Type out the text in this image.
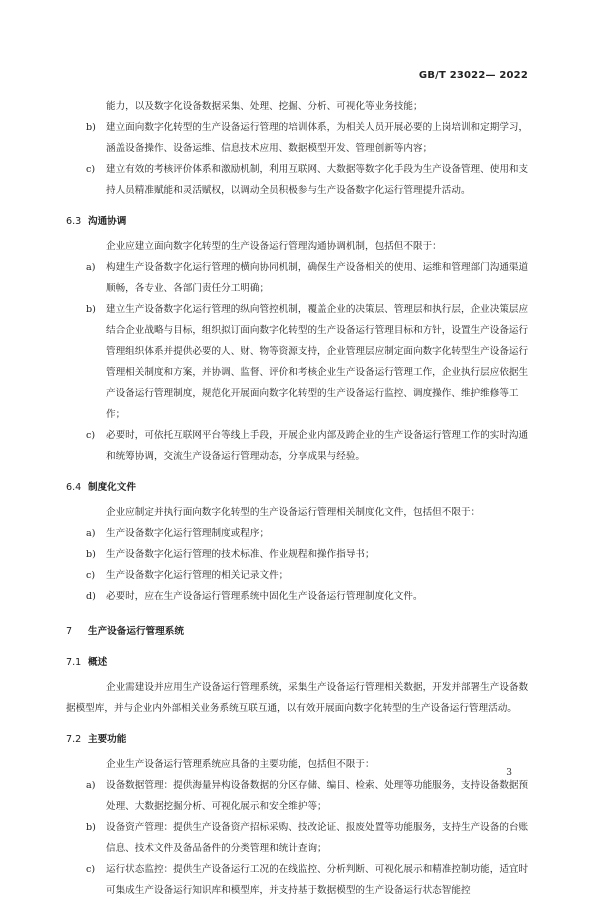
GB/T 23022— 2022

能力，以及数字化设备数据采集、处理、挖掘、分析、可视化等业务技能；

b) 建立面向数字化转型的生产设备运行管理的培训体系，为相关人员开展必要的上岗培训和定期学习，涵盖设备操作、设备运维、信息技术应用、数据模型开发、管理创新等内容；

c) 建立有效的考核评价体系和激励机制，利用互联网、大数据等数字化手段为生产设备管理、使用和支持人员精准赋能和灵活赋权，以调动全员积极参与生产设备数字化运行管理提升活动。

6.3 沟通协调

企业应建立面向数字化转型的生产设备运行管理沟通协调机制，包括但不限于：

a) 构建生产设备数字化运行管理的横向协同机制，确保生产设备相关的使用、运维和管理部门沟通渠道顺畅，各专业、各部门责任分工明确；

b) 建立生产设备数字化运行管理的纵向管控机制，覆盖企业的决策层、管理层和执行层，企业决策层应结合企业战略与目标，组织拟订面向数字化转型的生产设备运行管理目标和方针，设置生产设备运行管理组织体系并提供必要的人、财、物等资源支持，企业管理层应制定面向数字化转型生产设备运行管理相关制度和方案，并协调、监督、评价和考核企业生产设备运行管理工作，企业执行层应依据生产设备运行管理制度，规范化开展面向数字化转型的生产设备运行监控、调度操作、维护维修等工作；

c) 必要时，可依托互联网平台等线上手段，开展企业内部及跨企业的生产设备运行管理工作的实时沟通和统筹协调，交流生产设备运行管理动态，分享成果与经验。

6.4 制度化文件

企业应制定并执行面向数字化转型的生产设备运行管理相关制度化文件，包括但不限于：

a) 生产设备数字化运行管理制度或程序；

b) 生产设备数字化运行管理的技术标准、作业规程和操作指导书；

c) 生产设备数字化运行管理的相关记录文件；

d) 必要时，应在生产设备运行管理系统中固化生产设备运行管理制度化文件。

7 生产设备运行管理系统
7.1 概述

企业需建设并应用生产设备运行管理系统，采集生产设备运行管理相关数据，开发并部署生产设备数据模型库，并与企业内外部相关业务系统互联互通，以有效开展面向数字化转型的生产设备运行管理活动。

7.2 主要功能

企业生产设备运行管理系统应具备的主要功能，包括但不限于：

a) 设备数据管理：提供海量异构设备数据的分区存储、编目、检索、处理等功能服务，支持设备数据预处理、大数据挖掘分析、可视化展示和安全维护等；

b) 设备资产管理：提供生产设备资产招标采购、技改论证、报废处置等功能服务，支持生产设备的台账信息、技术文件及备品备件的分类管理和统计查询；

c) 运行状态监控：提供生产设备运行工况的在线监控、分析判断、可视化展示和精准控制功能，适宜时可集成生产设备运行知识库和模型库，并支持基于数据模型的生产设备运行状态智能控

3
